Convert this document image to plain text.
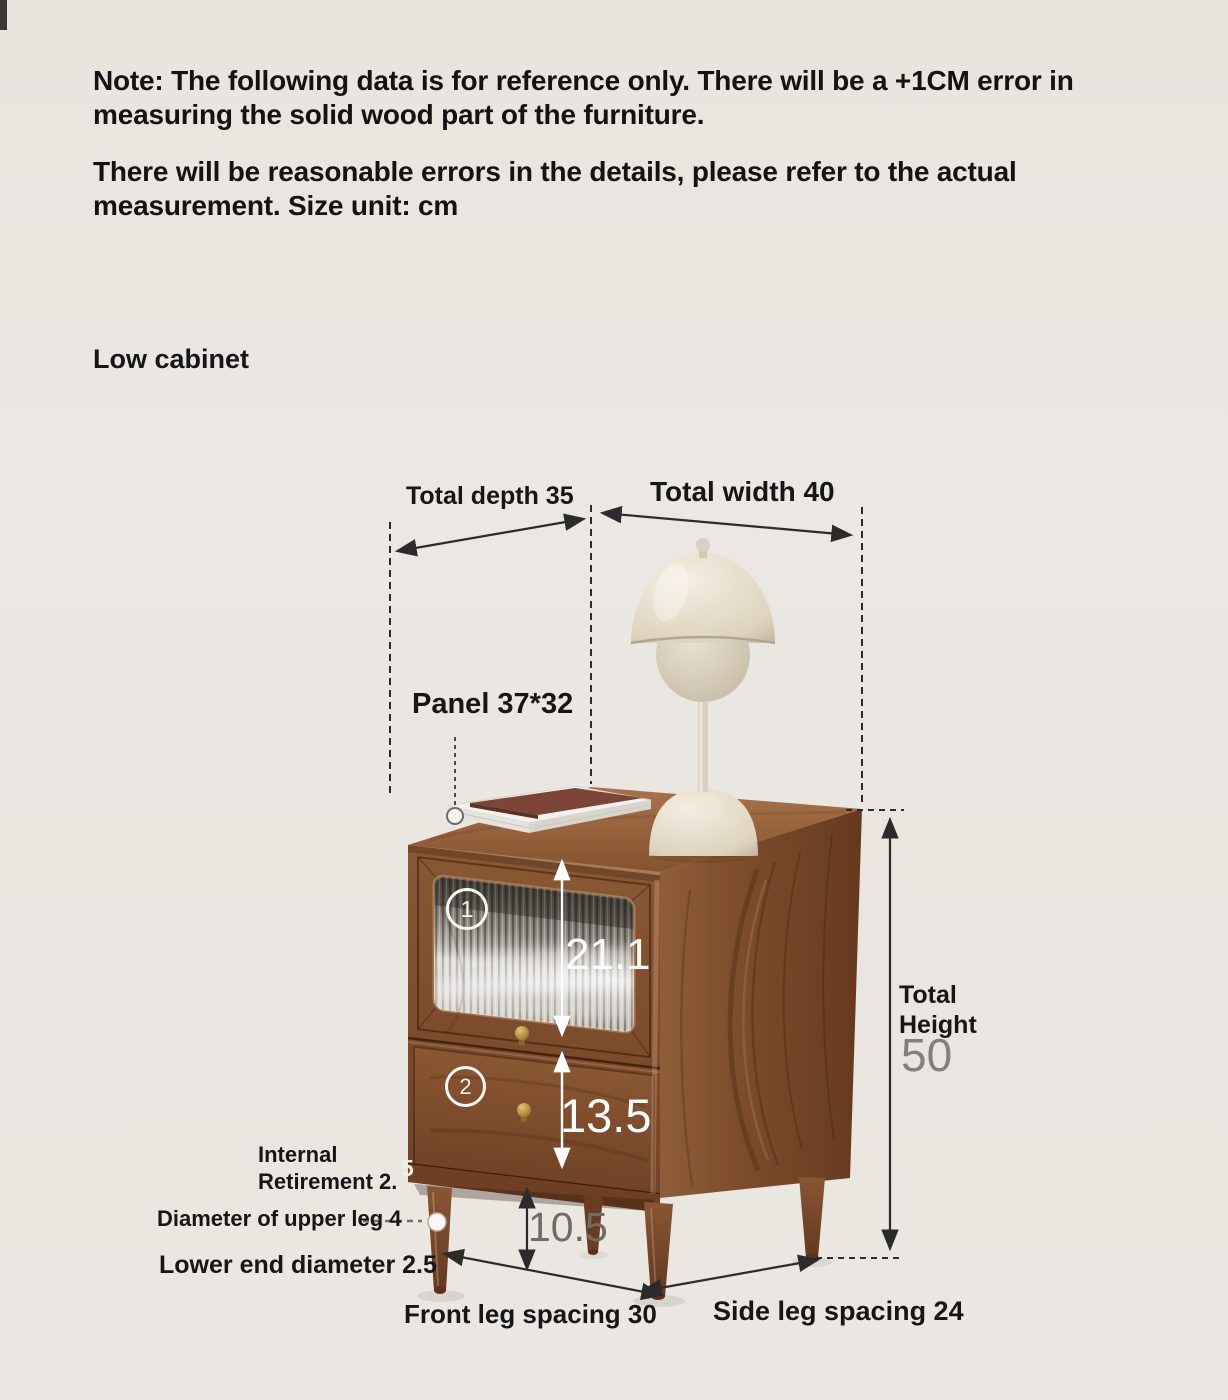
Note: The following data is for reference only. There will be a +1CM error in measuring the solid wood part of the furniture.
There will be reasonable errors in the details, please refer to the actual measurement. Size unit: cm
Low cabinet
Total depth 35	Total width 40
Panel 37*32
1
2
21.1
13.5
10.5
Total
Height
50
Internal
Retirement 2.
5
Diameter of upper leg 4
Lower end diameter 2.5
Front leg spacing 30 Side leg spacing 24
